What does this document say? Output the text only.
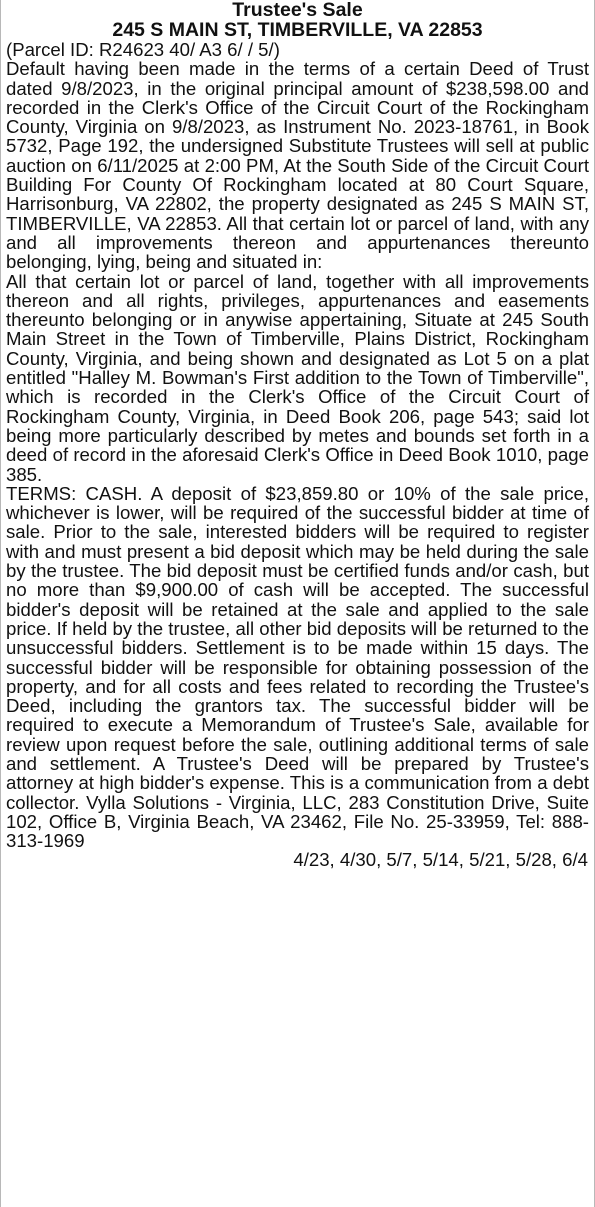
Trustee's Sale
245 S MAIN ST, TIMBERVILLE, VA 22853

(Parcel ID: R24623 40/ A3 6/ / 5/)

Default having been made in the terms of a certain Deed of Trust dated 9/8/2023, in the original principal amount of $238,598.00 and recorded in the Clerk's Office of the Circuit Court of the Rockingham County, Virginia on 9/8/2023, as Instrument No. 2023-18761, in Book 5732, Page 192, the undersigned Substitute Trustees will sell at public auction on 6/11/2025 at 2:00 PM, At the South Side of the Circuit Court Building For County Of Rockingham located at 80 Court Square, Harrisonburg, VA 22802, the property designated as 245 S MAIN ST, TIMBERVILLE, VA 22853. All that certain lot or parcel of land, with any and all improvements thereon and appurtenances thereunto belonging, lying, being and situated in:

All that certain lot or parcel of land, together with all improvements thereon and all rights, privileges, appurtenances and easements thereunto belonging or in anywise appertaining, Situate at 245 South Main Street in the Town of Timberville, Plains District, Rockingham County, Virginia, and being shown and designated as Lot 5 on a plat entitled "Halley M. Bowman's First addition to the Town of Timberville", which is recorded in the Clerk's Office of the Circuit Court of Rockingham County, Virginia, in Deed Book 206, page 543; said lot being more particularly described by metes and bounds set forth in a deed of record in the aforesaid Clerk's Office in Deed Book 1010, page 385.

TERMS: CASH. A deposit of $23,859.80 or 10% of the sale price, whichever is lower, will be required of the successful bidder at time of sale. Prior to the sale, interested bidders will be required to register with and must present a bid deposit which may be held during the sale by the trustee. The bid deposit must be certified funds and/or cash, but no more than $9,900.00 of cash will be accepted. The successful bidder's deposit will be retained at the sale and applied to the sale price. If held by the trustee, all other bid deposits will be returned to the unsuccessful bidders. Settlement is to be made within 15 days. The successful bidder will be responsible for obtaining possession of the property, and for all costs and fees related to recording the Trustee's Deed, including the grantors tax. The successful bidder will be required to execute a Memorandum of Trustee's Sale, available for review upon request before the sale, outlining additional terms of sale and settlement. A Trustee's Deed will be prepared by Trustee's attorney at high bidder's expense. This is a communication from a debt collector. Vylla Solutions - Virginia, LLC, 283 Constitution Drive, Suite 102, Office B, Virginia Beach, VA 23462, File No. 25-33959, Tel: 888-313-1969

4/23, 4/30, 5/7, 5/14, 5/21, 5/28, 6/4
